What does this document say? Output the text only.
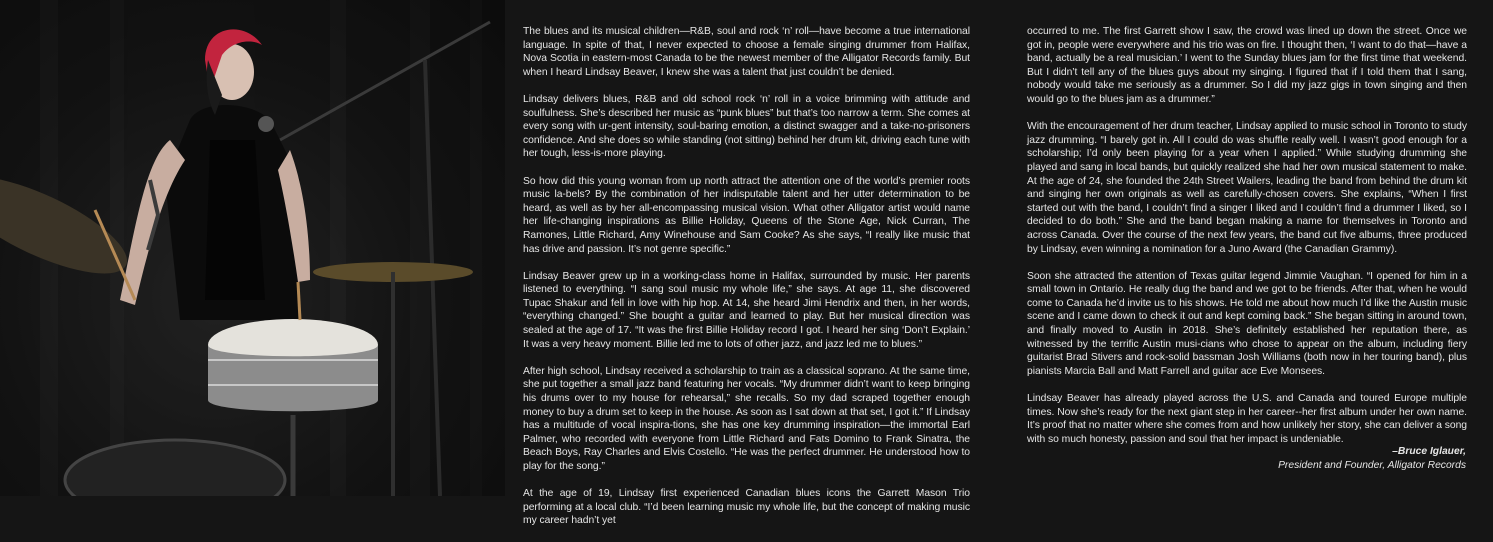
The blues and its musical children—R&B, soul and rock ‘n’ roll—have become a true international language. In spite of that, I never expected to choose a female singing drummer from Halifax, Nova Scotia in eastern-most Canada to be the newest member of the Alligator Records family. But when I heard Lindsay Beaver, I knew she was a talent that just couldn’t be denied.

Lindsay delivers blues, R&B and old school rock ‘n’ roll in a voice brimming with attitude and soulfulness. She’s described her music as “punk blues” but that’s too narrow a term. She comes at every song with ur-gent intensity, soul-baring emotion, a distinct swagger and a take-no-prisoners confidence. And she does so while standing (not sitting) behind her drum kit, driving each tune with her tough, less-is-more playing.

So how did this young woman from up north attract the attention one of the world’s premier roots music la-bels? By the combination of her indisputable talent and her utter determination to be heard, as well as by her all-encompassing musical vision. What other Alligator artist would name her life-changing inspirations as Billie Holiday, Queens of the Stone Age, Nick Curran, The Ramones, Little Richard, Amy Winehouse and Sam Cooke? As she says, “I really like music that has drive and passion. It’s not genre specific.”

Lindsay Beaver grew up in a working-class home in Halifax, surrounded by music. Her parents listened to everything. “I sang soul music my whole life,” she says. At age 11, she discovered Tupac Shakur and fell in love with hip hop. At 14, she heard Jimi Hendrix and then, in her words, “everything changed.” She bought a guitar and learned to play. But her musical direction was sealed at the age of 17. “It was the first Billie Holiday record I got. I heard her sing ‘Don’t Explain.’ It was a very heavy moment. Billie led me to lots of other jazz, and jazz led me to blues.”

After high school, Lindsay received a scholarship to train as a classical soprano. At the same time, she put together a small jazz band featuring her vocals. “My drummer didn’t want to keep bringing his drums over to my house for rehearsal,” she recalls. So my dad scraped together enough money to buy a drum set to keep in the house. As soon as I sat down at that set, I got it.” If Lindsay has a multitude of vocal inspira-tions, she has one key drumming inspiration—the immortal Earl Palmer, who recorded with everyone from Little Richard and Fats Domino to Frank Sinatra, the Beach Boys, Ray Charles and Elvis Costello. “He was the perfect drummer. He understood how to play for the song.”

At the age of 19, Lindsay first experienced Canadian blues icons the Garrett Mason Trio performing at a local club. “I’d been learning music my whole life, but the concept of making music my career hadn’t yet

occurred to me. The first Garrett show I saw, the crowd was lined up down the street. Once we got in, people were everywhere and his trio was on fire. I thought then, ‘I want to do that—have a band, actually be a real musician.’ I went to the Sunday blues jam for the first time that weekend. But I didn’t tell any of the blues guys about my singing. I figured that if I told them that I sang, nobody would take me seriously as a drummer. So I did my jazz gigs in town singing and then would go to the blues jam as a drummer.”

With the encouragement of her drum teacher, Lindsay applied to music school in Toronto to study jazz drumming. “I barely got in. All I could do was shuffle really well. I wasn’t good enough for a scholarship; I’d only been playing for a year when I applied.” While studying drumming she played and sang in local bands, but quickly realized she had her own musical statement to make. At the age of 24, she founded the 24th Street Wailers, leading the band from behind the drum kit and singing her own originals as well as carefully-chosen covers. She explains, “When I first started out with the band, I couldn’t find a singer I liked and I couldn’t find a drummer I liked, so I decided to do both.” She and the band began making a name for themselves in Toronto and across Canada. Over the course of the next few years, the band cut five albums, three produced by Lindsay, even winning a nomination for a Juno Award (the Canadian Grammy).

Soon she attracted the attention of Texas guitar legend Jimmie Vaughan. “I opened for him in a small town in Ontario. He really dug the band and we got to be friends. After that, when he would come to Canada he’d invite us to his shows. He told me about how much I’d like the Austin music scene and I came down to check it out and kept coming back.” She began sitting in around town, and finally moved to Austin in 2018. She’s definitely established her reputation there, as witnessed by the terrific Austin musi-cians who chose to appear on the album, including fiery guitarist Brad Stivers and rock-solid bassman Josh Williams (both now in her touring band), plus pianists Marcia Ball and Matt Farrell and guitar ace Eve Monsees.

Lindsay Beaver has already played across the U.S. and Canada and toured Europe multiple times. Now she’s ready for the next giant step in her career--her first album under her own name. It’s proof that no matter where she comes from and how unlikely her story, she can deliver a song with so much honesty, passion and soul that her impact is undeniable.

–Bruce Iglauer,
President and Founder, Alligator Records
